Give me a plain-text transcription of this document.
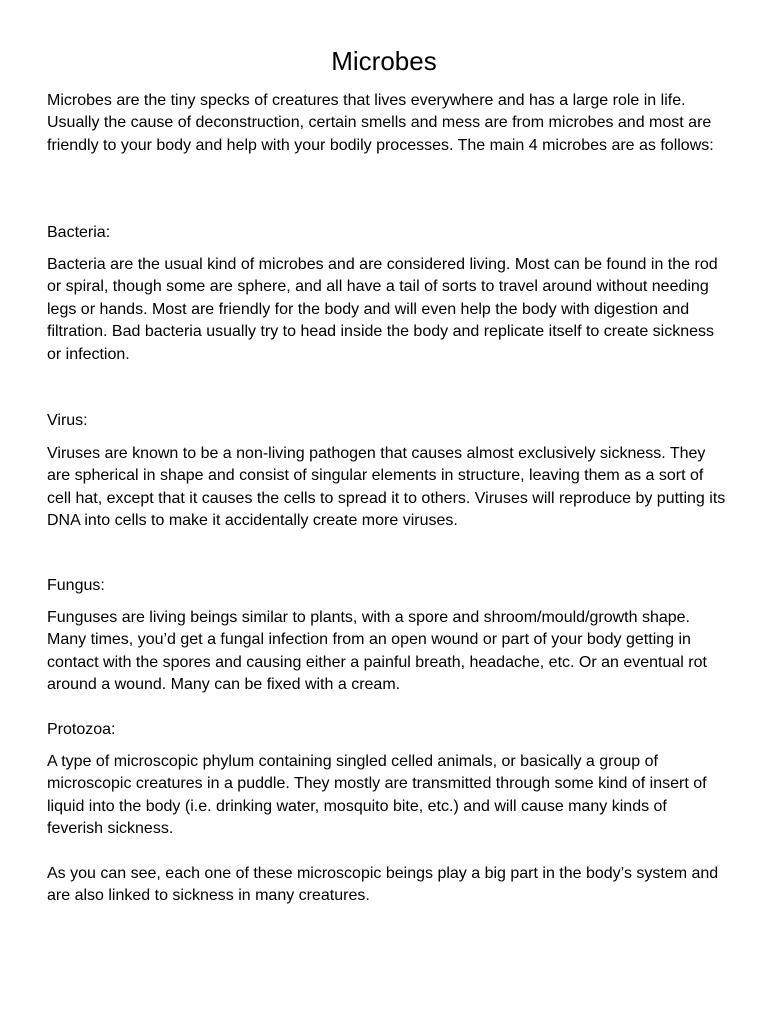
Microbes

Microbes are the tiny specks of creatures that lives everywhere and has a large role in life. Usually the cause of deconstruction, certain smells and mess are from microbes and most are friendly to your body and help with your bodily processes. The main 4 microbes are as follows:

Bacteria:

Bacteria are the usual kind of microbes and are considered living. Most can be found in the rod or spiral, though some are sphere, and all have a tail of sorts to travel around without needing legs or hands. Most are friendly for the body and will even help the body with digestion and filtration. Bad bacteria usually try to head inside the body and replicate itself to create sickness or infection.

Virus:

Viruses are known to be a non-living pathogen that causes almost exclusively sickness. They are spherical in shape and consist of singular elements in structure, leaving them as a sort of cell hat, except that it causes the cells to spread it to others. Viruses will reproduce by putting its DNA into cells to make it accidentally create more viruses.

Fungus:

Funguses are living beings similar to plants, with a spore and shroom/mould/growth shape. Many times, you’d get a fungal infection from an open wound or part of your body getting in contact with the spores and causing either a painful breath, headache, etc. Or an eventual rot around a wound. Many can be fixed with a cream.

Protozoa:

A type of microscopic phylum containing singled celled animals, or basically a group of microscopic creatures in a puddle. They mostly are transmitted through some kind of insert of liquid into the body (i.e. drinking water, mosquito bite, etc.) and will cause many kinds of feverish sickness.

As you can see, each one of these microscopic beings play a big part in the body’s system and are also linked to sickness in many creatures.
